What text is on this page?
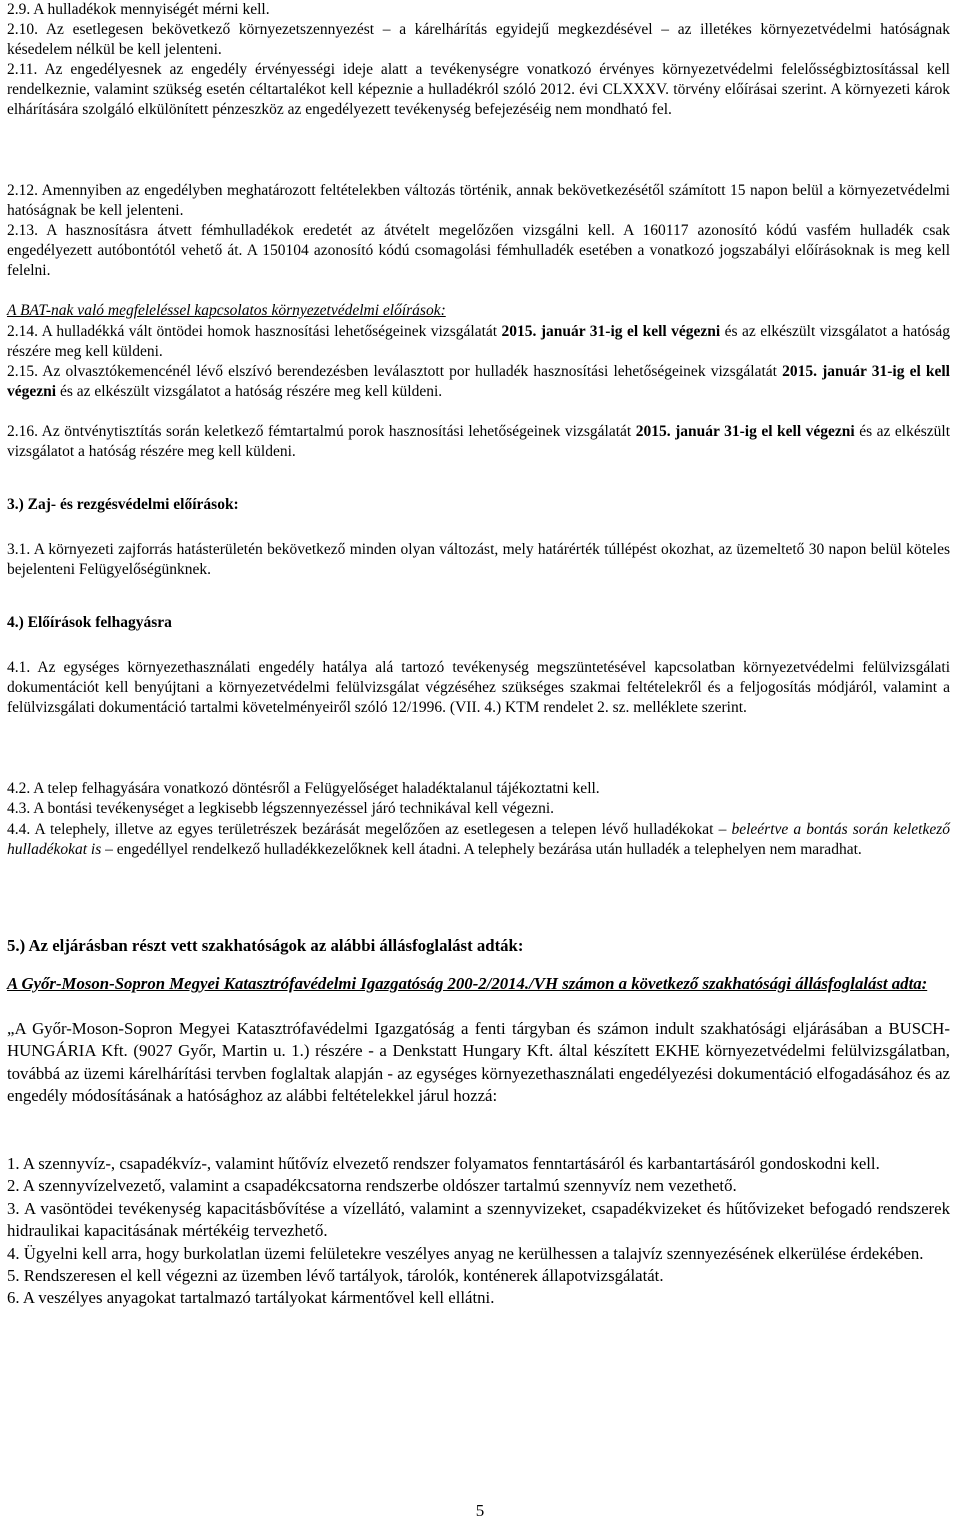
2.9. A hulladékok mennyiségét mérni kell.

2.10. Az esetlegesen bekövetkező környezetszennyezést – a kárelhárítás egyidejű megkezdésével – az illetékes környezetvédelmi hatóságnak késedelem nélkül be kell jelenteni.

2.11. Az engedélyesnek az engedély érvényességi ideje alatt a tevékenységre vonatkozó érvényes környezetvédelmi felelősségbiztosítással kell rendelkeznie, valamint szükség esetén céltartalékot kell képeznie a hulladékról szóló 2012. évi CLXXXV. törvény előírásai szerint. A környezeti károk elhárítására szolgáló elkülönített pénzeszköz az engedélyezett tevékenység befejezéséig nem mondható fel.

2.12. Amennyiben az engedélyben meghatározott feltételekben változás történik, annak bekövetkezésétől számított 15 napon belül a környezetvédelmi hatóságnak be kell jelenteni.

2.13. A hasznosításra átvett fémhulladékok eredetét az átvételt megelőzően vizsgálni kell. A 160117 azonosító kódú vasfém hulladék csak engedélyezett autóbontótól vehető át. A 150104 azonosító kódú csomagolási fémhulladék esetében a vonatkozó jogszabályi előírásoknak is meg kell felelni.

A BAT-nak való megfeleléssel kapcsolatos környezetvédelmi előírások:

2.14. A hulladékká vált öntödei homok hasznosítási lehetőségeinek vizsgálatát 2015. január 31-ig el kell végezni és az elkészült vizsgálatot a hatóság részére meg kell küldeni.

2.15. Az olvasztókemencénél lévő elszívó berendezésben leválasztott por hulladék hasznosítási lehetőségeinek vizsgálatát 2015. január 31-ig el kell végezni és az elkészült vizsgálatot a hatóság részére meg kell küldeni.

2.16. Az öntvénytisztítás során keletkező fémtartalmú porok hasznosítási lehetőségeinek vizsgálatát 2015. január 31-ig el kell végezni és az elkészült vizsgálatot a hatóság részére meg kell küldeni.

3.) Zaj- és rezgésvédelmi előírások:

3.1. A környezeti zajforrás hatásterületén bekövetkező minden olyan változást, mely határérték túllépést okozhat, az üzemeltető 30 napon belül köteles bejelenteni Felügyelőségünknek.

4.) Előírások felhagyásra

4.1. Az egységes környezethasználati engedély hatálya alá tartozó tevékenység megszüntetésével kapcsolatban környezetvédelmi felülvizsgálati dokumentációt kell benyújtani a környezetvédelmi felülvizsgálat végzéséhez szükséges szakmai feltételekről és a feljogosítás módjáról, valamint a felülvizsgálati dokumentáció tartalmi követelményeiről szóló 12/1996. (VII. 4.) KTM rendelet 2. sz. melléklete szerint.

4.2. A telep felhagyására vonatkozó döntésről a Felügyelőséget haladéktalanul tájékoztatni kell.

4.3. A bontási tevékenységet a legkisebb légszennyezéssel járó technikával kell végezni.

4.4. A telephely, illetve az egyes területrészek bezárását megelőzően az esetlegesen a telepen lévő hulladékokat – beleértve a bontás során keletkező hulladékokat is – engedéllyel rendelkező hulladékkezelőknek kell átadni. A telephely bezárása után hulladék a telephelyen nem maradhat.

5.) Az eljárásban részt vett szakhatóságok az alábbi állásfoglalást adták:

A Győr-Moson-Sopron Megyei Katasztrófavédelmi Igazgatóság 200-2/2014./VH számon a következő szakhatósági állásfoglalást adta:

„A Győr-Moson-Sopron Megyei Katasztrófavédelmi Igazgatóság a fenti tárgyban és számon indult szakhatósági eljárásában a BUSCH-HUNGÁRIA Kft. (9027 Győr, Martin u. 1.) részére - a Denkstatt Hungary Kft. által készített EKHE környezetvédelmi felülvizsgálatban, továbbá az üzemi kárelhárítási tervben foglaltak alapján - az egységes környezethasználati engedélyezési dokumentáció elfogadásához és az engedély módosításának a hatósághoz az alábbi feltételekkel járul hozzá:

1. A szennyvíz-, csapadékvíz-, valamint hűtővíz elvezető rendszer folyamatos fenntartásáról és karbantartásáról gondoskodni kell.
2. A szennyvízelvezető, valamint a csapadékcsatorna rendszerbe oldószer tartalmú szennyvíz nem vezethető.
3. A vasöntödei tevékenység kapacitásbővítése a vízellátó, valamint a szennyvizeket, csapadékvizeket és hűtővizeket befogadó rendszerek hidraulikai kapacitásának mértékéig tervezhető.
4. Ügyelni kell arra, hogy burkolatlan üzemi felületekre veszélyes anyag ne kerülhessen a talajvíz szennyezésének elkerülése érdekében.
5. Rendszeresen el kell végezni az üzemben lévő tartályok, tárolók, konténerek állapotvizsgálatát.
6. A veszélyes anyagokat tartalmazó tartályokat kármentővel kell ellátni.
5
